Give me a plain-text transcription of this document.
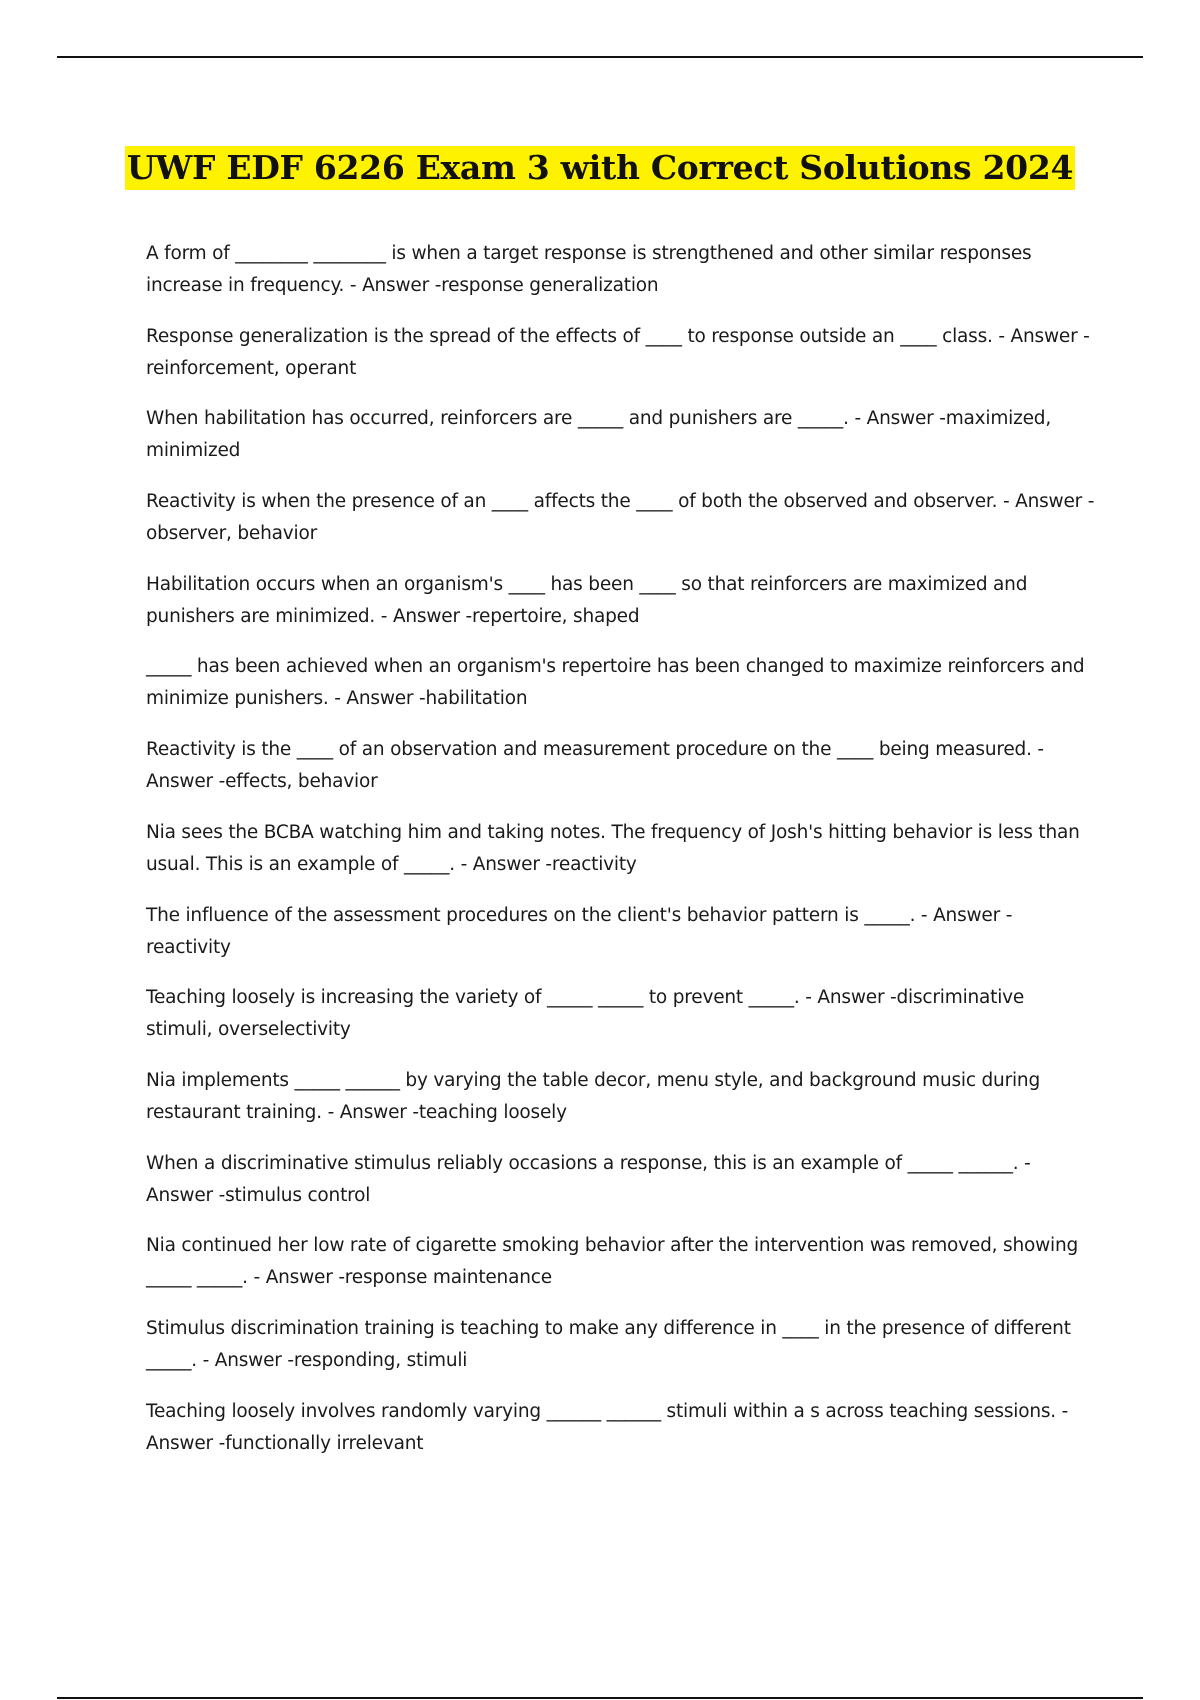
UWF EDF 6226 Exam 3 with Correct Solutions 2024
A form of ________ ________ is when a target response is strengthened and other similar responses increase in frequency. - Answer -response generalization
Response generalization is the spread of the effects of ____ to response outside an ____ class. - Answer - reinforcement, operant
When habilitation has occurred, reinforcers are _____ and punishers are _____. - Answer -maximized, minimized
Reactivity is when the presence of an ____ affects the ____ of both the observed and observer. - Answer -observer, behavior
Habilitation occurs when an organism's ____ has been ____ so that reinforcers are maximized and punishers are minimized. - Answer -repertoire, shaped
_____ has been achieved when an organism's repertoire has been changed to maximize reinforcers and minimize punishers. - Answer -habilitation
Reactivity is the ____ of an observation and measurement procedure on the ____ being measured. - Answer -effects, behavior
Nia sees the BCBA watching him and taking notes. The frequency of Josh's hitting behavior is less than usual. This is an example of _____. - Answer -reactivity
The influence of the assessment procedures on the client's behavior pattern is _____. - Answer - reactivity
Teaching loosely is increasing the variety of _____ _____ to prevent _____. - Answer -discriminative stimuli, overselectivity
Nia implements _____ ______ by varying the table decor, menu style, and background music during restaurant training. - Answer -teaching loosely
When a discriminative stimulus reliably occasions a response, this is an example of _____ ______. - Answer -stimulus control
Nia continued her low rate of cigarette smoking behavior after the intervention was removed, showing _____ _____. - Answer -response maintenance
Stimulus discrimination training is teaching to make any difference in ____ in the presence of different _____. - Answer -responding, stimuli
Teaching loosely involves randomly varying ______ ______ stimuli within a s across teaching sessions. - Answer -functionally irrelevant
